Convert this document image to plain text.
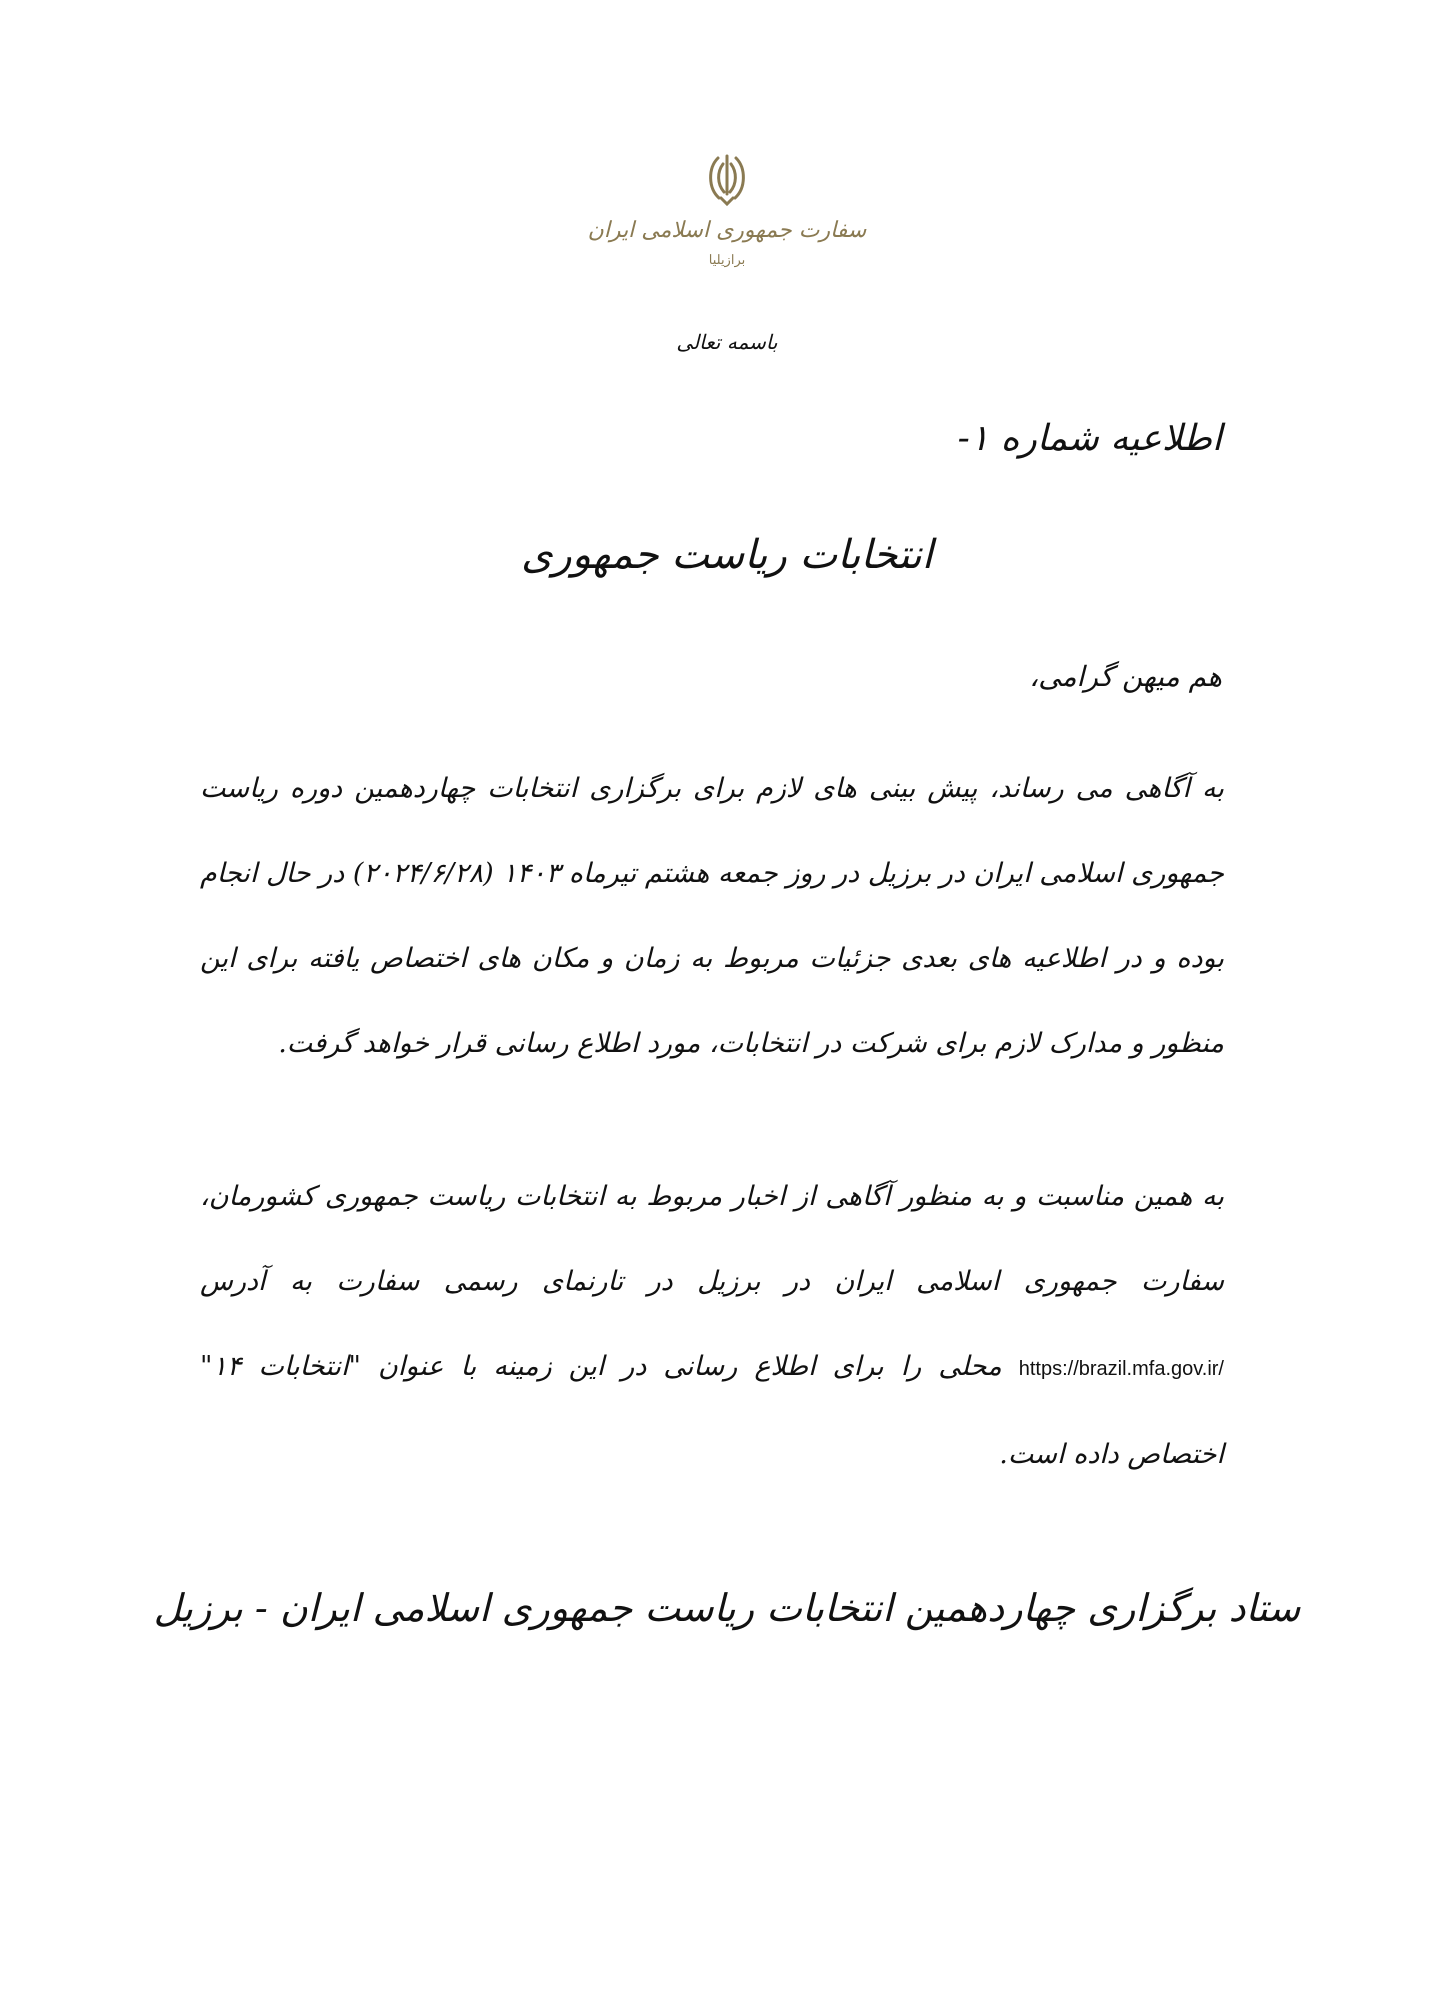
سفارت جمهوری اسلامی ایران
برازیلیا
باسمه تعالی
اطلاعیه شماره ۱-
انتخابات ریاست جمهوری
هم میهن گرامی،

به آگاهی می رساند، پیش بینی های لازم برای برگزاری انتخابات چهاردهمین دوره ریاست جمهوری اسلامی ایران در برزیل در روز جمعه هشتم تیرماه ۱۴۰۳ (۲۰۲۴/۶/۲۸) در حال انجام بوده و در اطلاعیه های بعدی جزئیات مربوط به زمان و مکان های اختصاص یافته برای این منظور و مدارک لازم برای شرکت در انتخابات، مورد اطلاع رسانی قرار خواهد گرفت.

به همین مناسبت و به منظور آگاهی از اخبار مربوط به انتخابات ریاست جمهوری کشورمان، سفارت جمهوری اسلامی ایران در برزیل در تارنمای رسمی سفارت به آدرس https://brazil.mfa.gov.ir/ محلی را برای اطلاع رسانی در این زمینه با عنوان "انتخابات ۱۴" اختصاص داده است.

ستاد برگزاری چهاردهمین انتخابات ریاست جمهوری اسلامی ایران - برزیل
